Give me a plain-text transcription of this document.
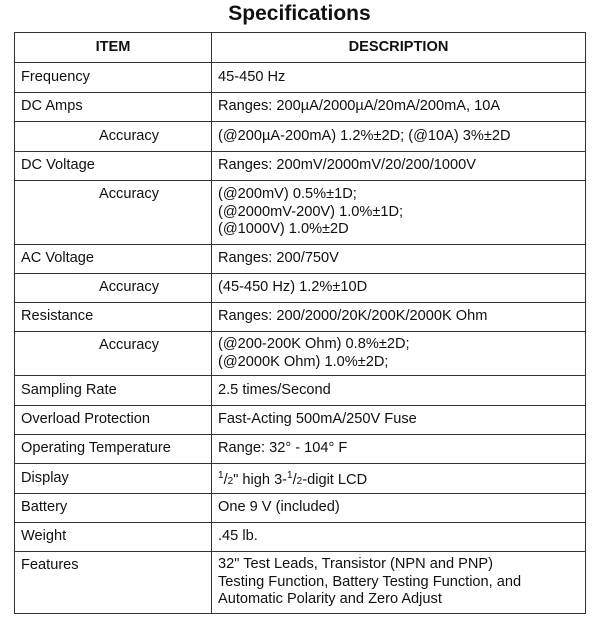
Specifications
ITEM	DESCRIPTION
Frequency	45-450 Hz
DC Amps	Ranges: 200µA/2000µA/20mA/200mA, 10A
Accuracy	(@200µA-200mA) 1.2%±2D; (@10A) 3%±2D
DC Voltage	Ranges: 200mV/2000mV/20/200/1000V
Accuracy	(@200mV) 0.5%±1D;
(@2000mV-200V) 1.0%±1D;
(@1000V) 1.0%±2D

AC Voltage	Ranges: 200/750V
Accuracy	(45-450 Hz) 1.2%±10D
Resistance	Ranges: 200/2000/20K/200K/2000K Ohm
Accuracy	(@200-200K Ohm) 0.8%±2D;
(@2000K Ohm) 1.0%±2D;

Sampling Rate	2.5 times/Second
Overload Protection	Fast-Acting 500mA/250V Fuse
Operating Temperature	Range: 32° - 104° F
Display	$^1$/2" high 3-$^1$/2-digit LCD
Battery	One 9 V (included)
Weight	.45 lb.
Features	32" Test Leads, Transistor (NPN and PNP)
Testing Function, Battery Testing Function, and
Automatic Polarity and Zero Adjust
